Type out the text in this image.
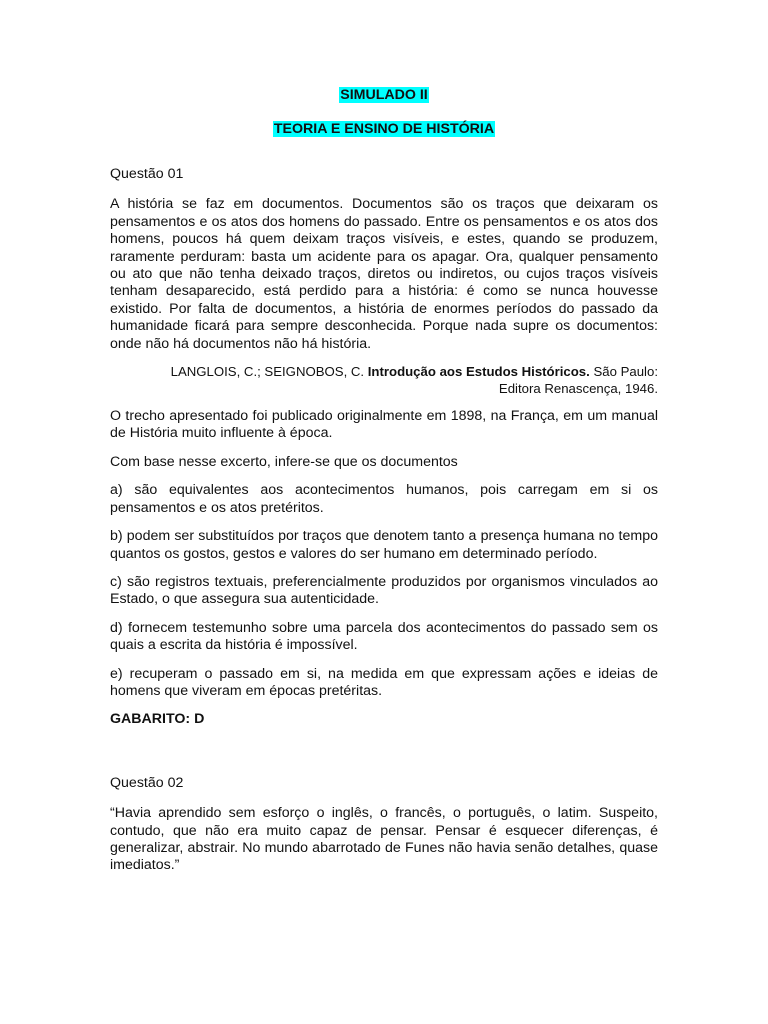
SIMULADO II
TEORIA E ENSINO DE HISTÓRIA

Questão 01

A história se faz em documentos. Documentos são os traços que deixaram os pensamentos e os atos dos homens do passado. Entre os pensamentos e os atos dos homens, poucos há quem deixam traços visíveis, e estes, quando se produzem, raramente perduram: basta um acidente para os apagar. Ora, qualquer pensamento ou ato que não tenha deixado traços, diretos ou indiretos, ou cujos traços visíveis tenham desaparecido, está perdido para a história: é como se nunca houvesse existido. Por falta de documentos, a história de enormes períodos do passado da humanidade ficará para sempre desconhecida. Porque nada supre os documentos: onde não há documentos não há história.

LANGLOIS, C.; SEIGNOBOS, C. Introdução aos Estudos Históricos. São Paulo:
Editora Renascença, 1946.

O trecho apresentado foi publicado originalmente em 1898, na França, em um manual de História muito influente à época.

Com base nesse excerto, infere-se que os documentos

a) são equivalentes aos acontecimentos humanos, pois carregam em si os pensamentos e os atos pretéritos.

b) podem ser substituídos por traços que denotem tanto a presença humana no tempo quantos os gostos, gestos e valores do ser humano em determinado período.

c) são registros textuais, preferencialmente produzidos por organismos vinculados ao Estado, o que assegura sua autenticidade.

d) fornecem testemunho sobre uma parcela dos acontecimentos do passado sem os quais a escrita da história é impossível.

e) recuperam o passado em si, na medida em que expressam ações e ideias de homens que viveram em épocas pretéritas.

GABARITO: D

Questão 02

“Havia aprendido sem esforço o inglês, o francês, o português, o latim. Suspeito, contudo, que não era muito capaz de pensar. Pensar é esquecer diferenças, é generalizar, abstrair. No mundo abarrotado de Funes não havia senão detalhes, quase imediatos.”
